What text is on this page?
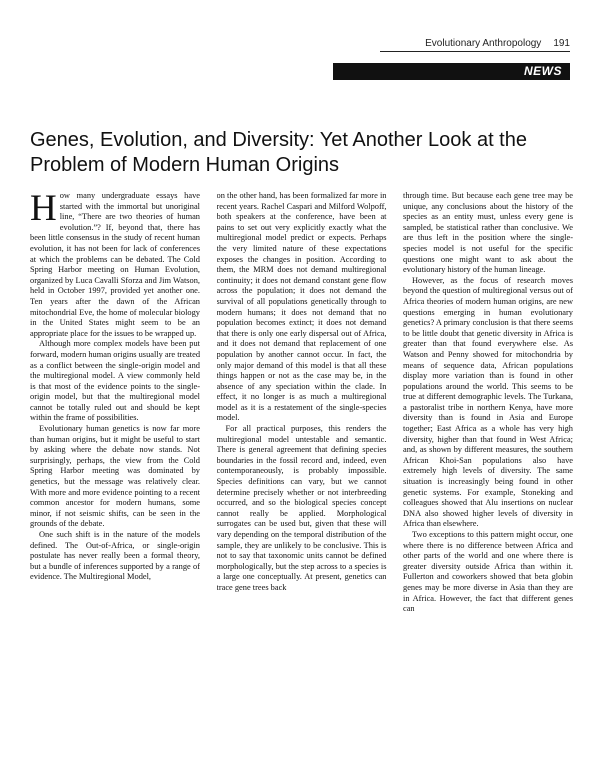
Evolutionary Anthropology 191
NEWS
Genes, Evolution, and Diversity: Yet Another Look at the Problem of Modern Human Origins

How many undergraduate essays have started with the immortal but unoriginal line, “There are two theories of human evolution.”? If, beyond that, there has been little consensus in the study of recent human evolution, it has not been for lack of conferences at which the problems can be debated. The Cold Spring Harbor meeting on Human Evolution, organized by Luca Cavalli Sforza and Jim Watson, held in October 1997, provided yet another one. Ten years after the dawn of the African mitochondrial Eve, the home of molecular biology in the United States might seem to be an appropriate place for the issues to be wrapped up.

Although more complex models have been put forward, modern human origins usually are treated as a conflict between the single-origin model and the multiregional model. A view commonly held is that most of the evidence points to the single-origin model, but that the multiregional model cannot be totally ruled out and should be kept within the frame of possibilities.

Evolutionary human genetics is now far more than human origins, but it might be useful to start by asking where the debate now stands. Not surprisingly, perhaps, the view from the Cold Spring Harbor meeting was dominated by genetics, but the message was relatively clear. With more and more evidence pointing to a recent common ancestor for modern humans, some minor, if not seismic shifts, can be seen in the grounds of the debate.

One such shift is in the nature of the models defined. The Out-of-Africa, or single-origin postulate has never really been a formal theory, but a bundle of inferences supported by a range of evidence. The Multiregional Model,

on the other hand, has been formalized far more in recent years. Rachel Caspari and Milford Wolpoff, both speakers at the conference, have been at pains to set out very explicitly exactly what the multiregional model predict or expects. Perhaps the very limited nature of these expectations exposes the changes in position. According to them, the MRM does not demand multiregional continuity; it does not demand constant gene flow across the population; it does not demand the survival of all populations genetically through to modern humans; it does not demand that no population becomes extinct; it does not demand that there is only one early dispersal out of Africa, and it does not demand that replacement of one population by another cannot occur. In fact, the only major demand of this model is that all these things happen or not as the case may be, in the absence of any speciation within the clade. In effect, it no longer is as much a multiregional model as it is a restatement of the single-species model.

For all practical purposes, this renders the multiregional model untestable and semantic. There is general agreement that defining species boundaries in the fossil record and, indeed, even contemporaneously, is probably impossible. Species definitions can vary, but we cannot determine precisely whether or not interbreeding occurred, and so the biological species concept cannot really be applied. Morphological surrogates can be used but, given that these will vary depending on the temporal distribution of the sample, they are unlikely to be conclusive. This is not to say that taxonomic units cannot be defined morphologically, but the step across to a species is a large one conceptually. At present, genetics can trace gene trees back

through time. But because each gene tree may be unique, any conclusions about the history of the species as an entity must, unless every gene is sampled, be statistical rather than conclusive. We are thus left in the position where the single-species model is not useful for the specific questions one might want to ask about the evolutionary history of the human lineage.

However, as the focus of research moves beyond the question of multiregional versus out of Africa theories of modern human origins, are new questions emerging in human evolutionary genetics? A primary conclusion is that there seems to be little doubt that genetic diversity in Africa is greater than that found everywhere else. As Watson and Penny showed for mitochondria by means of sequence data, African populations display more variation than is found in other populations around the world. This seems to be true at different demographic levels. The Turkana, a pastoralist tribe in northern Kenya, have more diversity than is found in Asia and Europe together; East Africa as a whole has very high diversity, higher than that found in West Africa; and, as shown by different measures, the southern African Khoi-San populations also have extremely high levels of diversity. The same situation is increasingly being found in other genetic systems. For example, Stoneking and colleagues showed that Alu insertions on nuclear DNA also showed higher levels of diversity in Africa than elsewhere.

Two exceptions to this pattern might occur, one where there is no difference between Africa and other parts of the world and one where there is greater diversity outside Africa than within it. Fullerton and coworkers showed that beta globin genes may be more diverse in Asia than they are in Africa. However, the fact that different genes can
